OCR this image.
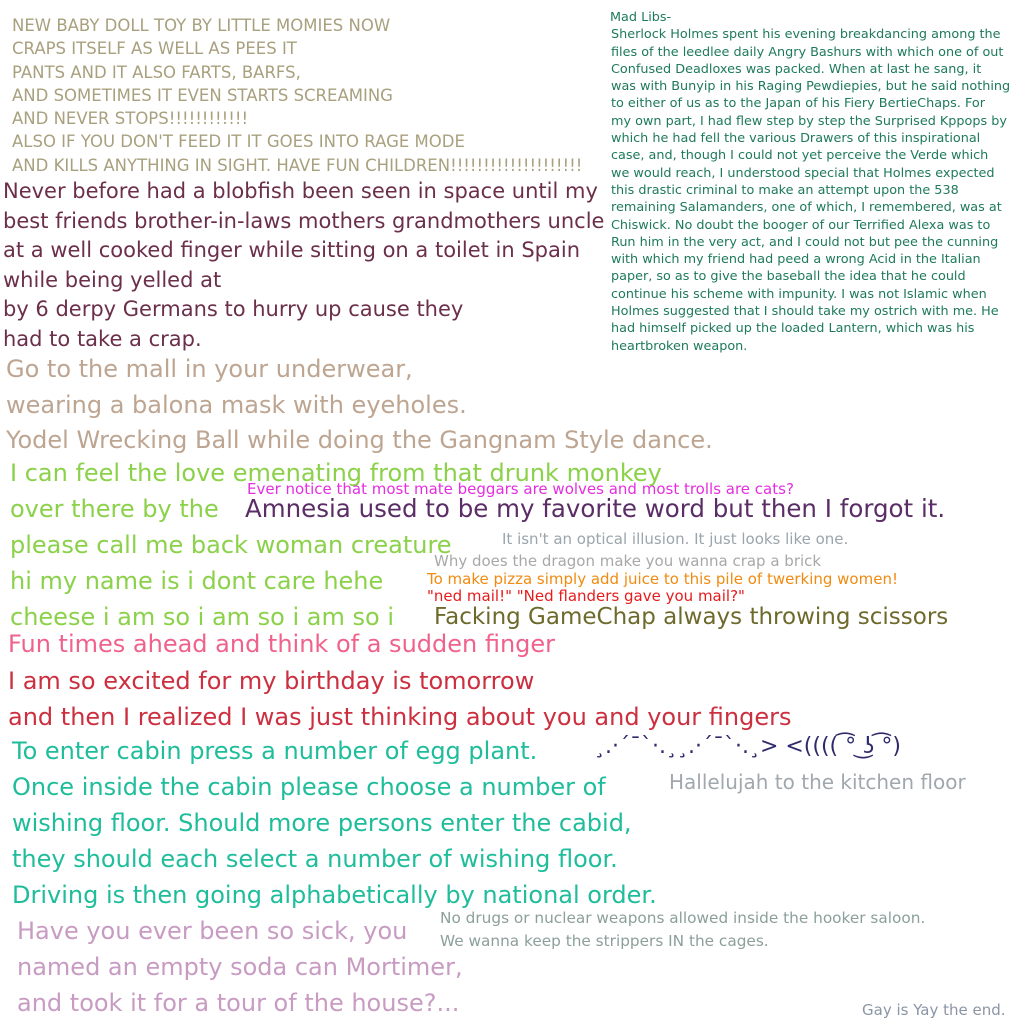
NEW BABY DOLL TOY BY LITTLE MOMIES NOW
CRAPS ITSELF AS WELL AS PEES IT
PANTS AND IT ALSO FARTS, BARFS,
AND SOMETIMES IT EVEN STARTS SCREAMING
AND NEVER STOPS!!!!!!!!!!!!
ALSO IF YOU DON'T FEED IT IT GOES INTO RAGE MODE
AND KILLS ANYTHING IN SIGHT. HAVE FUN CHILDREN!!!!!!!!!!!!!!!!!!!!
Never before had a blobfish been seen in space until my
best friends brother-in-laws mothers grandmothers uncle
at a well cooked finger while sitting on a toilet in Spain
while being yelled at
by 6 derpy Germans to hurry up cause they
had to take a crap.
Mad Libs-
Sherlock Holmes spent his evening breakdancing among the
files of the leedlee daily Angry Bashurs with which one of out
Confused Deadloxes was packed. When at last he sang, it
was with Bunyip in his Raging Pewdiepies, but he said nothing
to either of us as to the Japan of his Fiery BertieChaps. For
my own part, I had flew step by step the Surprised Kppops by
which he had fell the various Drawers of this inspirational
case, and, though I could not yet perceive the Verde which
we would reach, I understood special that Holmes expected
this drastic criminal to make an attempt upon the 538
remaining Salamanders, one of which, I remembered, was at
Chiswick. No doubt the booger of our Terrified Alexa was to
Run him in the very act, and I could not but pee the cunning
with which my friend had peed a wrong Acid in the Italian
paper, so as to give the baseball the idea that he could
continue his scheme with impunity. I was not Islamic when
Holmes suggested that I should take my ostrich with me. He
had himself picked up the loaded Lantern, which was his
heartbroken weapon.
Go to the mall in your underwear,
wearing a balona mask with eyeholes.
Yodel Wrecking Ball while doing the Gangnam Style dance.
I can feel the love emenating from that drunk monkey
over there by the
please call me back woman creature
hi my name is i dont care hehe
cheese i am so i am so i am so i
Ever notice that most mate beggars are wolves and most trolls are cats?
Amnesia used to be my favorite word but then I forgot it.
It isn't an optical illusion. It just looks like one.
Why does the dragon make you wanna crap a brick
To make pizza simply add juice to this pile of twerking women!
"ned mail!" "Ned flanders gave you mail?"
Facking GameChap always throwing scissors
Fun times ahead and think of a sudden finger
I am so excited for my birthday is tomorrow
and then I realized I was just thinking about you and your fingers
To enter cabin press a number of egg plant.
Once inside the cabin please choose a number of
wishing floor. Should more persons enter the cabid,
they should each select a number of wishing floor.
Driving is then going alphabetically by national order.
¸.·´¯`·.¸¸.·´¯`·.¸> <(((( ͡° ͜ʖ ͡°)
Hallelujah to the kitchen floor
Have you ever been so sick, you
named an empty soda can Mortimer,
and took it for a tour of the house?...
No drugs or nuclear weapons allowed inside the hooker saloon.
We wanna keep the strippers IN the cages.
Gay is Yay the end.
